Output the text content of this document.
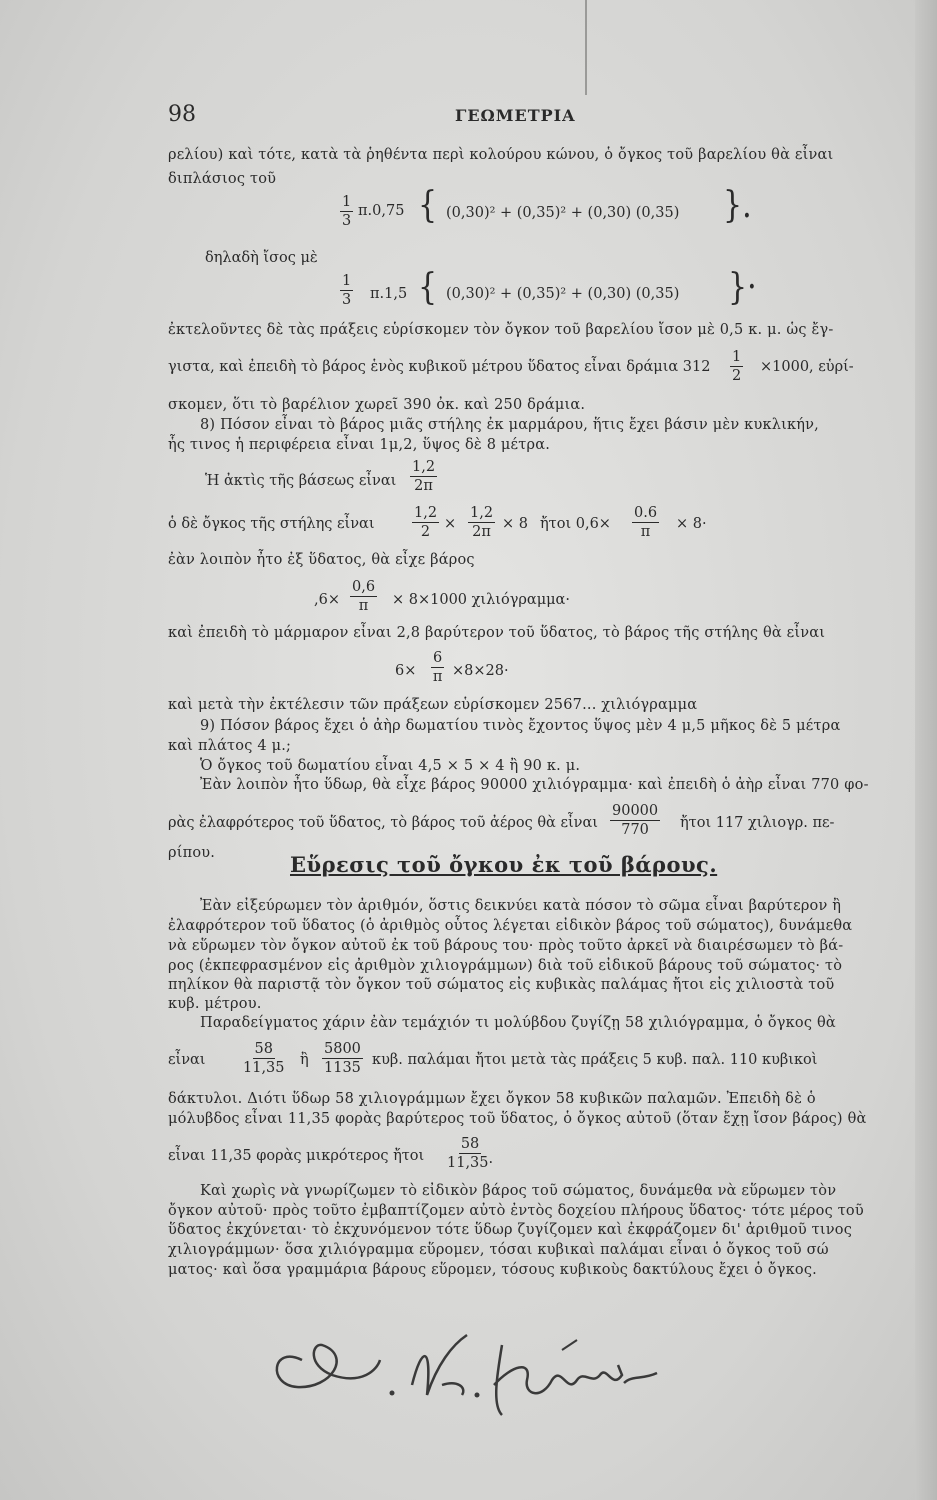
98	ΓΕΩΜΕΤΡΙΑ
ρελίου) καὶ τότε, κατὰ τὰ ῥηθέντα περὶ κολούρου κώνου, ὁ ὄγκος τοῦ βαρελίου θὰ εἶναι
διπλάσιος τοῦ
1
3
π.0,75 { (0,30)² + (0,35)² + (0,30) (0,35) }.
δηλαδὴ ἴσος μὲ
1
3 π.1,5 { (0,30)² + (0,35)² + (0,30) (0,35) }·
ἐκτελοῦντες δὲ τὰς πράξεις εὑρίσκομεν τὸν ὄγκον τοῦ βαρελίου ἴσον μὲ 0,5 κ. μ. ὡς ἔγ-
γιστα, καὶ ἐπειδὴ τὸ βάρος ἑνὸς κυβικοῦ μέτρου ὕδατος εἶναι δράμια 312
1
2
×1000, εὑρί-
σκομεν, ὅτι τὸ βαρέλιον χωρεῖ 390 ὀκ. καὶ 250 δράμια.
8) Πόσον εἶναι τὸ βάρος μιᾶς στήλης ἐκ μαρμάρου, ἥτις ἔχει βάσιν μὲν κυκλικήν,
ἧς τινος ἡ περιφέρεια εἶναι 1μ,2, ὕψος δὲ 8 μέτρα.
Ἡ ἀκτὶς τῆς βάσεως εἶναι
1,2
2π
ὁ δὲ ὄγκος τῆς στήλης εἶναι
1,2
2 ×
1,2
2π × 8 ἤτοι 0,6×
0.6
π × 8·
ἐὰν λοιπὸν ἦτο ἐξ ὕδατος, θὰ εἶχε βάρος
,6×
0,6
π × 8×1000 χιλιόγραμμα·
καὶ ἐπειδὴ τὸ μάρμαρον εἶναι 2,8 βαρύτερον τοῦ ὕδατος, τὸ βάρος τῆς στήλης θὰ εἶναι
6×
6
π ×8×28·
καὶ μετὰ τὴν ἐκτέλεσιν τῶν πράξεων εὑρίσκομεν 2567... χιλιόγραμμα
9) Πόσον βάρος ἔχει ὁ ἀὴρ δωματίου τινὸς ἔχοντος ὕψος μὲν 4 μ,5 μῆκος δὲ 5 μέτρα
καὶ πλάτος 4 μ.;
Ὁ ὄγκος τοῦ δωματίου εἶναι 4,5 × 5 × 4 ἢ 90 κ. μ.
Ἐὰν λοιπὸν ἦτο ὕδωρ, θὰ εἶχε βάρος 90000 χιλιόγραμμα· καὶ ἐπειδὴ ὁ ἀὴρ εἶναι 770 φο-
ρὰς ἐλαφρότερος τοῦ ὕδατος, τὸ βάρος τοῦ ἀέρος θὰ εἶναι
90000
770 ἤτοι 117 χιλιογρ. πε-
ρίπου.	Εὕρεσις τοῦ ὄγκου ἐκ τοῦ βάρους.
Ἐὰν εἰξεύρωμεν τὸν ἀριθμόν, ὅστις δεικνύει κατὰ πόσον τὸ σῶμα εἶναι βαρύτερον ἢ
ἐλαφρότερον τοῦ ὕδατος (ὁ ἀριθμὸς οὗτος λέγεται εἰδικὸν βάρος τοῦ σώματος), δυνάμεθα
νὰ εὕρωμεν τὸν ὄγκον αὐτοῦ ἐκ τοῦ βάρους του· πρὸς τοῦτο ἀρκεῖ νὰ διαιρέσωμεν τὸ βά-
ρος (ἐκπεφρασμένον εἰς ἀριθμὸν χιλιογράμμων) διὰ τοῦ εἰδικοῦ βάρους τοῦ σώματος· τὸ
πηλίκον θὰ παριστᾷ τὸν ὄγκον τοῦ σώματος εἰς κυβικὰς παλάμας ἤτοι εἰς χιλιοστὰ τοῦ
κυβ. μέτρου.
Παραδείγματος χάριν ἐὰν τεμάχιόν τι μολύβδου ζυγίζῃ 58 χιλιόγραμμα, ὁ ὄγκος θὰ
εἶναι
58
11,35 ἢ
5800
1135 κυβ. παλάμαι ἤτοι μετὰ τὰς πράξεις 5 κυβ. παλ. 110 κυβικοὶ
δάκτυλοι. Διότι ὕδωρ 58 χιλιογράμμων ἔχει ὄγκον 58 κυβικῶν παλαμῶν. Ἐπειδὴ δὲ ὁ
μόλυβδος εἶναι 11,35 φορὰς βαρύτερος τοῦ ὕδατος, ὁ ὄγκος αὐτοῦ (ὅταν ἔχῃ ἴσον βάρος) θὰ
εἶναι 11,35 φορὰς μικρότερος ἤτοι
58
11,35·
Καὶ χωρὶς νὰ γνωρίζωμεν τὸ εἰδικὸν βάρος τοῦ σώματος, δυνάμεθα νὰ εὕρωμεν τὸν
ὄγκον αὐτοῦ· πρὸς τοῦτο ἐμβαπτίζομεν αὐτὸ ἐντὸς δοχείου πλήρους ὕδατος· τότε μέρος τοῦ
ὕδατος ἐκχύνεται· τὸ ἐκχυνόμενον τότε ὕδωρ ζυγίζομεν καὶ ἐκφράζομεν δι' ἀριθμοῦ τινος
χιλιογράμμων· ὅσα χιλιόγραμμα εὕρομεν, τόσαι κυβικαὶ παλάμαι εἶναι ὁ ὄγκος τοῦ σώ
ματος· καὶ ὅσα γραμμάρια βάρους εὕρομεν, τόσους κυβικοὺς δακτύλους ἔχει ὁ ὄγκος.
